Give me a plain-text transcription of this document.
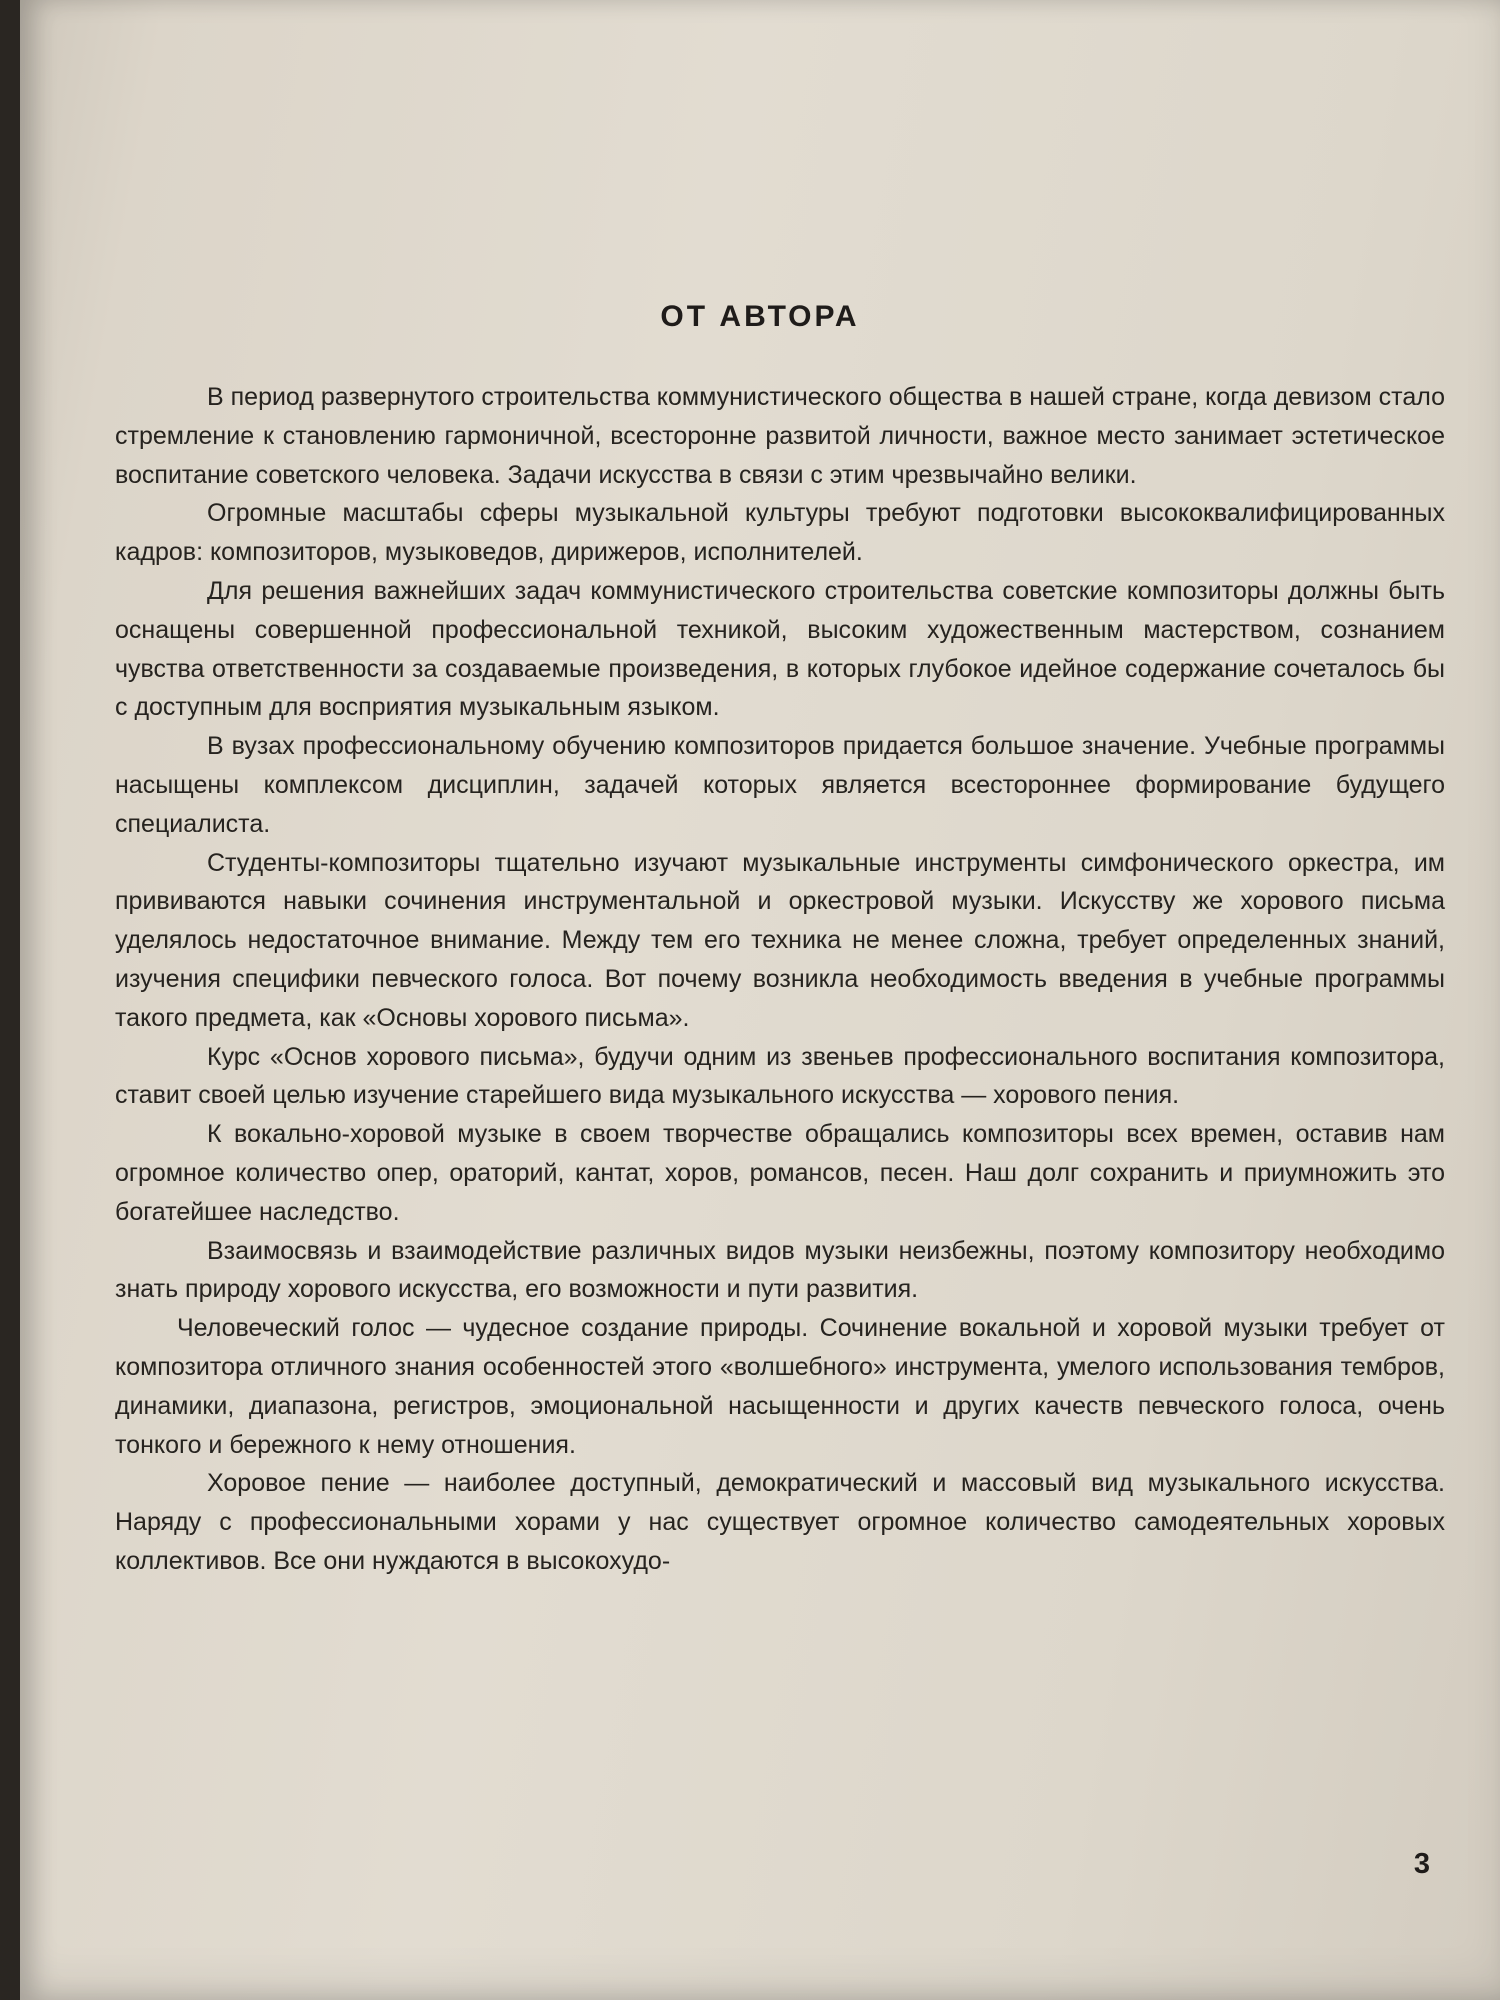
ОТ АВТОРА

В период развернутого строительства коммунистического общества в нашей стране, когда девизом стало стремление к становлению гармоничной, всесторонне развитой личности, важное место занимает эстетическое воспитание советского человека. Задачи искусства в связи с этим чрезвычайно велики.

Огромные масштабы сферы музыкальной культуры требуют подготовки высококвалифицированных кадров: композиторов, музыковедов, дирижеров, исполнителей.

Для решения важнейших задач коммунистического строительства советские композиторы должны быть оснащены совершенной профессиональной техникой, высоким художественным мастерством, сознанием чувства ответственности за создаваемые произведения, в которых глубокое идейное содержание сочеталось бы с доступным для восприятия музыкальным языком.

В вузах профессиональному обучению композиторов придается большое значение. Учебные программы насыщены комплексом дисциплин, задачей которых является всестороннее формирование будущего специалиста.

Студенты-композиторы тщательно изучают музыкальные инструменты симфонического оркестра, им прививаются навыки сочинения инструментальной и оркестровой музыки. Искусству же хорового письма уделялось недостаточное внимание. Между тем его техника не менее сложна, требует определенных знаний, изучения специфики певческого голоса. Вот почему возникла необходимость введения в учебные программы такого предмета, как «Основы хорового письма».

Курс «Основ хорового письма», будучи одним из звеньев профессионального воспитания композитора, ставит своей целью изучение старейшего вида музыкального искусства — хорового пения.

К вокально-хоровой музыке в своем творчестве обращались композиторы всех времен, оставив нам огромное количество опер, ораторий, кантат, хоров, романсов, песен. Наш долг сохранить и приумножить это богатейшее наследство.

Взаимосвязь и взаимодействие различных видов музыки неизбежны, поэтому композитору необходимо знать природу хорового искусства, его возможности и пути развития.

Человеческий голос — чудесное создание природы. Сочинение вокальной и хоровой музыки требует от композитора отличного знания особенностей этого «волшебного» инструмента, умелого использования тембров, динамики, диапазона, регистров, эмоциональной насыщенности и других качеств певческого голоса, очень тонкого и бережного к нему отношения.

Хоровое пение — наиболее доступный, демократический и массовый вид музыкального искусства. Наряду с профессиональными хорами у нас существует огромное количество самодеятельных хоровых коллективов. Все они нуждаются в высокохудо-

3
